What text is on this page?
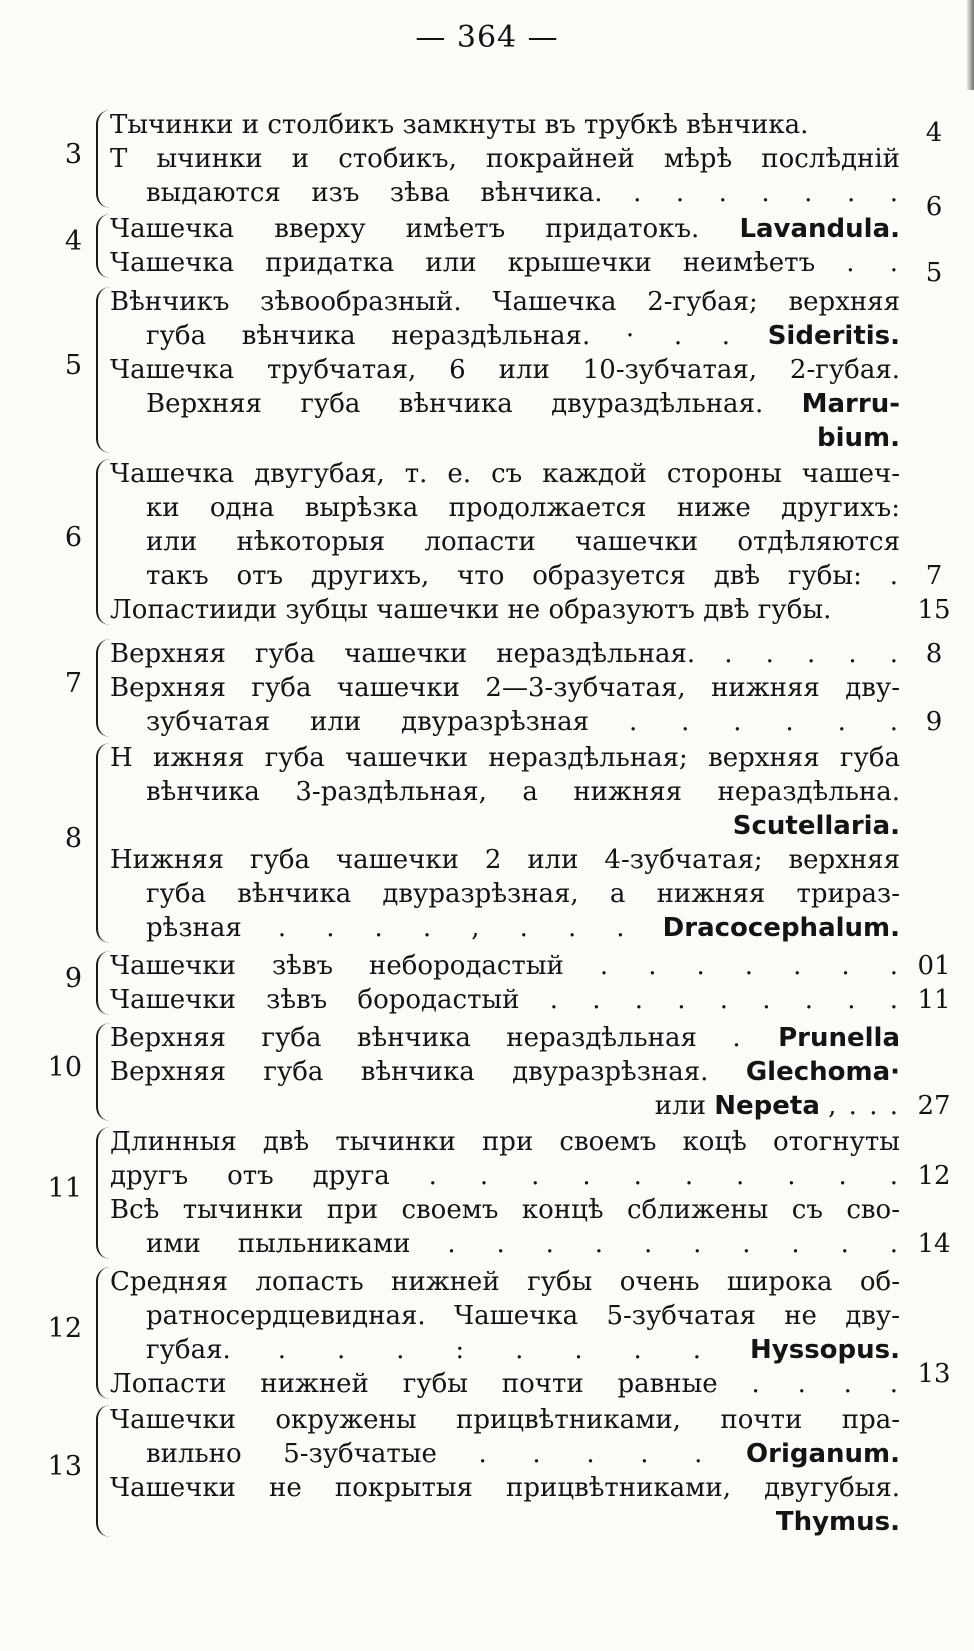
— 364 —
3
Тычинки и столбикъ замкнуты въ трубкѣ вѣнчика.	4
Т ычинки и стобикъ, покрайней мѣрѣ послѣдній
выдаются изъ зѣва вѣнчика. . . . . . . . 6
4 Чашечка вверху имѣетъ придатокъ. Lavandula.
Чашечка придатка или крышечки неимѣетъ . . 5
5
Вѣнчикъ зѣвообразный. Чашечка 2-губая; верхняя
губа вѣнчика нераздѣльная. · . . Sideritis.
Чашечка трубчатая, 6 или 10-зубчатая, 2-губая.
Верхняя губа вѣнчика двураздѣльная. Marru-
bium.
6
Чашечка двугубая, т. е. съ каждой стороны чашеч-
ки одна вырѣзка продолжается ниже другихъ:
или нѣкоторыя лопасти чашечки отдѣляются
такъ отъ другихъ, что образуется двѣ губы: . 7
Лопастииди зубцы чашечки не образуютъ двѣ губы.	15
7
Верхняя губа чашечки нераздѣльная. . . . . . 8
Верхняя губа чашечки 2—3-зубчатая, нижняя дву-
зубчатая или двуразрѣзная . . . . . . 9
8
Н ижняя губа чашечки нераздѣльная; верхняя губа
вѣнчика 3-раздѣльная, а нижняя нераздѣльна.
Scutellaria.
Нижняя губа чашечки 2 или 4-зубчатая; верхняя
губа вѣнчика двуразрѣзная, а нижняя трираз-
рѣзная . . . . , . . . Dracocephalum.
9 Чашечки зѣвъ небородастый . . . . . . . 01
Чашечки зѣвъ бородастый . . . . . . . . . 11
10
Верхняя губа вѣнчика нераздѣльная . Prunella
Верхняя губа вѣнчика двуразрѣзная. Glechoma·
или Nepeta , . . . 27
11
Длинныя двѣ тычинки при своемъ коцѣ отогнуты
другъ отъ друга . . . . . . . . . . 12
Всѣ тычинки при своемъ концѣ сближены съ сво-
ими пыльниками . . . . . . . . . . 14
12
Средняя лопасть нижней губы очень широка об-
ратносердцевидная. Чашечка 5-зубчатая не дву-
губая. . . . : . . . . Hyssopus.
Лопасти нижней губы почти равные . . . . 13
13
Чашечки окружены прицвѣтниками, почти пра-
вильно 5-зубчатые . . . . . Origanum.
Чашечки не покрытыя прицвѣтниками, двугубыя.
Thymus.
